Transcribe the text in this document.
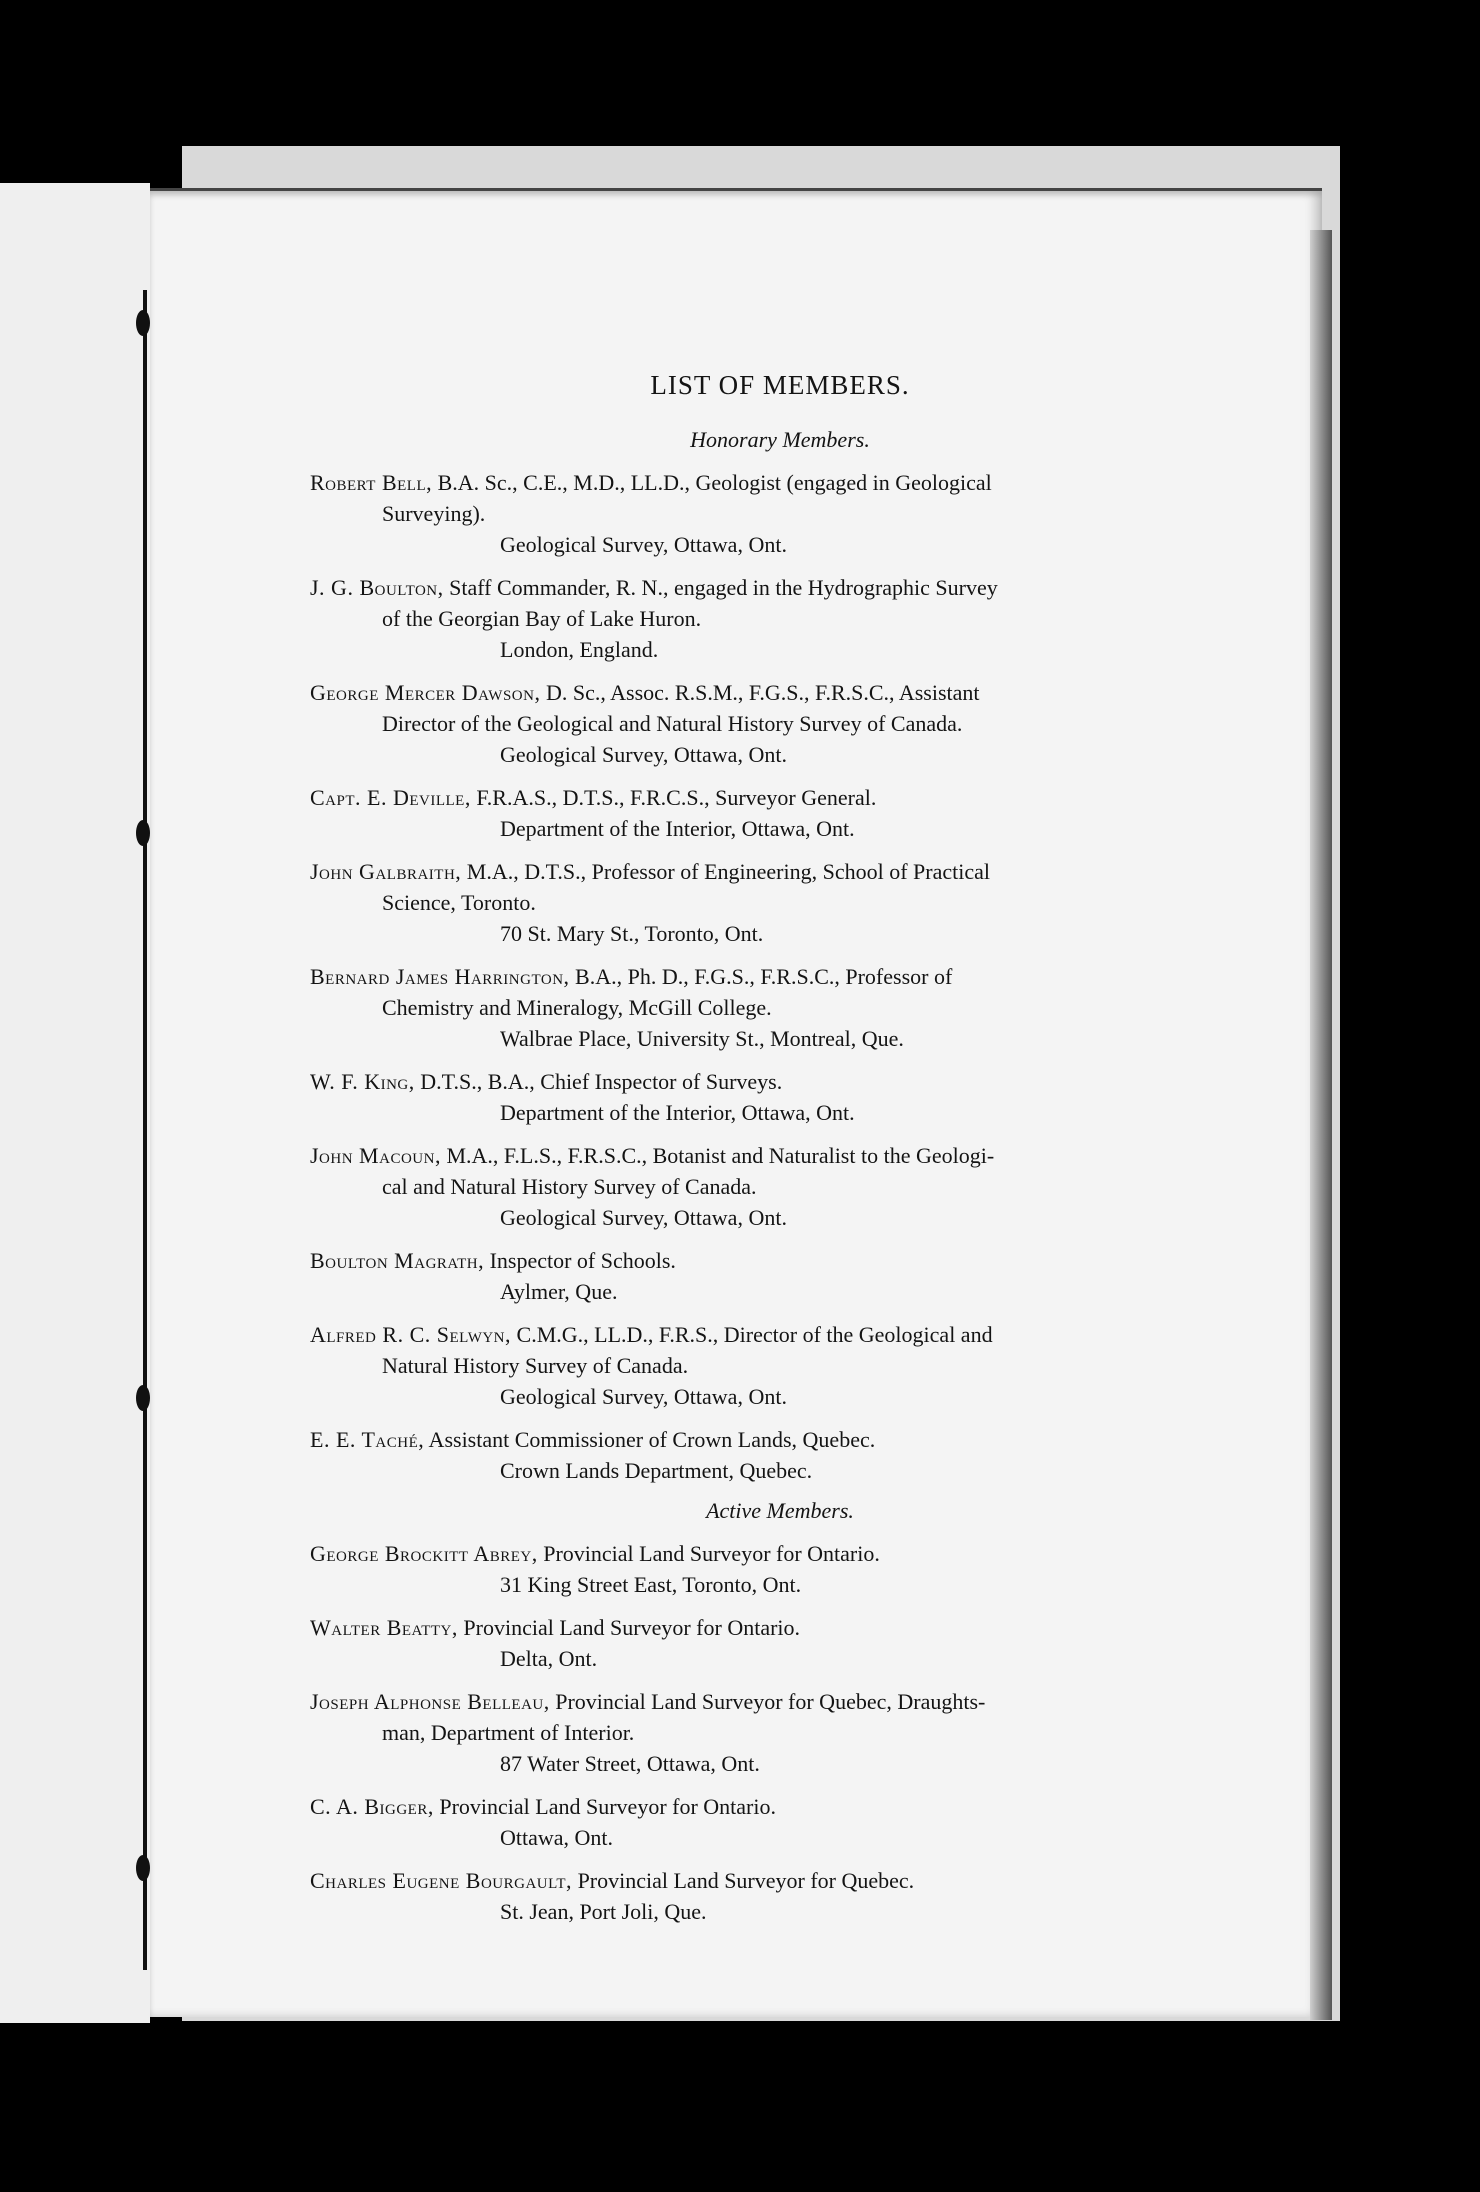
LIST OF MEMBERS.
Honorary Members.
Robert Bell, B.A. Sc., C.E., M.D., LL.D., Geologist (engaged in Geological
Surveying).
Geological Survey, Ottawa, Ont.
J. G. Boulton, Staff Commander, R. N., engaged in the Hydrographic Survey
of the Georgian Bay of Lake Huron.
London, England.
George Mercer Dawson, D. Sc., Assoc. R.S.M., F.G.S., F.R.S.C., Assistant
Director of the Geological and Natural History Survey of Canada.
Geological Survey, Ottawa, Ont.
Capt. E. Deville, F.R.A.S., D.T.S., F.R.C.S., Surveyor General.
Department of the Interior, Ottawa, Ont.
John Galbraith, M.A., D.T.S., Professor of Engineering, School of Practical
Science, Toronto.
70 St. Mary St., Toronto, Ont.
Bernard James Harrington, B.A., Ph. D., F.G.S., F.R.S.C., Professor of
Chemistry and Mineralogy, McGill College.
Walbrae Place, University St., Montreal, Que.
W. F. King, D.T.S., B.A., Chief Inspector of Surveys.
Department of the Interior, Ottawa, Ont.
John Macoun, M.A., F.L.S., F.R.S.C., Botanist and Naturalist to the Geologi-
cal and Natural History Survey of Canada.
Geological Survey, Ottawa, Ont.
Boulton Magrath, Inspector of Schools.
Aylmer, Que.
Alfred R. C. Selwyn, C.M.G., LL.D., F.R.S., Director of the Geological and
Natural History Survey of Canada.
Geological Survey, Ottawa, Ont.
E. E. Taché, Assistant Commissioner of Crown Lands, Quebec.
Crown Lands Department, Quebec.
Active Members.
George Brockitt Abrey, Provincial Land Surveyor for Ontario.
31 King Street East, Toronto, Ont.
Walter Beatty, Provincial Land Surveyor for Ontario.
Delta, Ont.
Joseph Alphonse Belleau, Provincial Land Surveyor for Quebec, Draughts-
man, Department of Interior.
87 Water Street, Ottawa, Ont.
C. A. Bigger, Provincial Land Surveyor for Ontario.
Ottawa, Ont.
Charles Eugene Bourgault, Provincial Land Surveyor for Quebec.
St. Jean, Port Joli, Que.
